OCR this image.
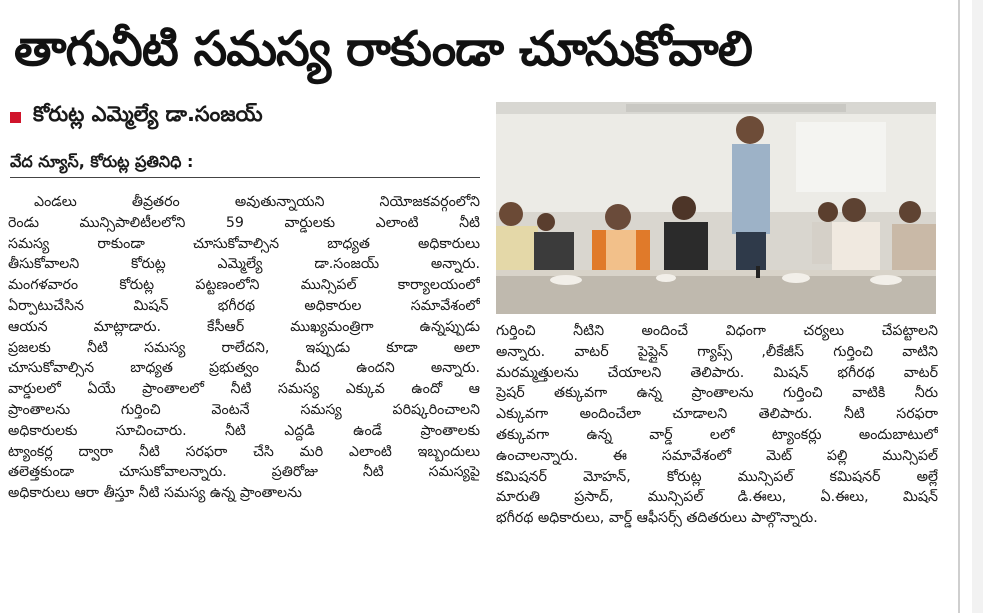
తాగునీటి సమస్య రాకుండా చూసుకోవాలి
కోరుట్ల ఎమ్మెల్యే డా.సంజయ్
వేద న్యూస్, కోరుట్ల ప్రతినిధి :
ఎండలు తీవ్రతరం అవుతున్నాయని నియోజకవర్గంలోని
రెండు మున్సిపాలిటీలలోని 59 వార్డులకు ఎలాంటి నీటి
సమస్య రాకుండా చూసుకోవాల్సిన బాధ్యత అధికారులు
తీసుకోవాలని కోరుట్ల ఎమ్మెల్యే డా.సంజయ్ అన్నారు.
మంగళవారం కోరుట్ల పట్టణంలోని మున్సిపల్ కార్యాలయంలో
ఏర్పాటుచేసిన మిషన్ భగీరథ అధికారుల సమావేశంలో
ఆయన మాట్లాడారు. కేసీఆర్ ముఖ్యమంత్రిగా ఉన్నప్పుడు
ప్రజలకు నీటి సమస్య రాలేదని, ఇప్పుడు కూడా అలా
చూసుకోవాల్సిన బాధ్యత ప్రభుత్వం మీద ఉందని అన్నారు.
వార్డులలో ఏయే ప్రాంతాలలో నీటి సమస్య ఎక్కువ ఉందో ఆ
ప్రాంతాలను గుర్తించి వెంటనే సమస్య పరిష్కరించాలని
అధికారులకు సూచించారు. నీటి ఎద్దడి ఉండే ప్రాంతాలకు
ట్యాంకర్ల ద్వారా నీటి సరఫరా చేసి మరి ఎలాంటి ఇబ్బందులు
తలెత్తకుండా చూసుకోవాలన్నారు. ప్రతిరోజు నీటి సమస్యపై
అధికారులు ఆరా తీస్తూ నీటి సమస్య ఉన్న ప్రాంతాలను
గుర్తించి నీటిని అందించే విధంగా చర్యలు చేపట్టాలని
అన్నారు. వాటర్ పైప్లైన్ గ్యాప్స్ ,లీకేజీస్ గుర్తించి వాటిని
మరమ్మత్తులను చేయాలని తెలిపారు. మిషన్ భగీరథ వాటర్
ప్రెషర్ తక్కువగా ఉన్న ప్రాంతాలను గుర్తించి వాటికి నీరు
ఎక్కువగా అందించేలా చూడాలని తెలిపారు. నీటి సరఫరా
తక్కువగా ఉన్న వార్డ్ లలో ట్యాంకర్లు అందుబాటులో
ఉంచాలన్నారు. ఈ సమావేశంలో మెట్ పల్లి మున్సిపల్
కమిషనర్ మోహన్, కోరుట్ల మున్సిపల్ కమిషనర్ అల్లే
మారుతి ప్రసాద్, మున్సిపల్ డి.ఈలు, ఏ.ఈలు, మిషన్
భగీరథ అధికారులు, వార్డ్ ఆఫీసర్స్ తదితరులు పాల్గొన్నారు.
